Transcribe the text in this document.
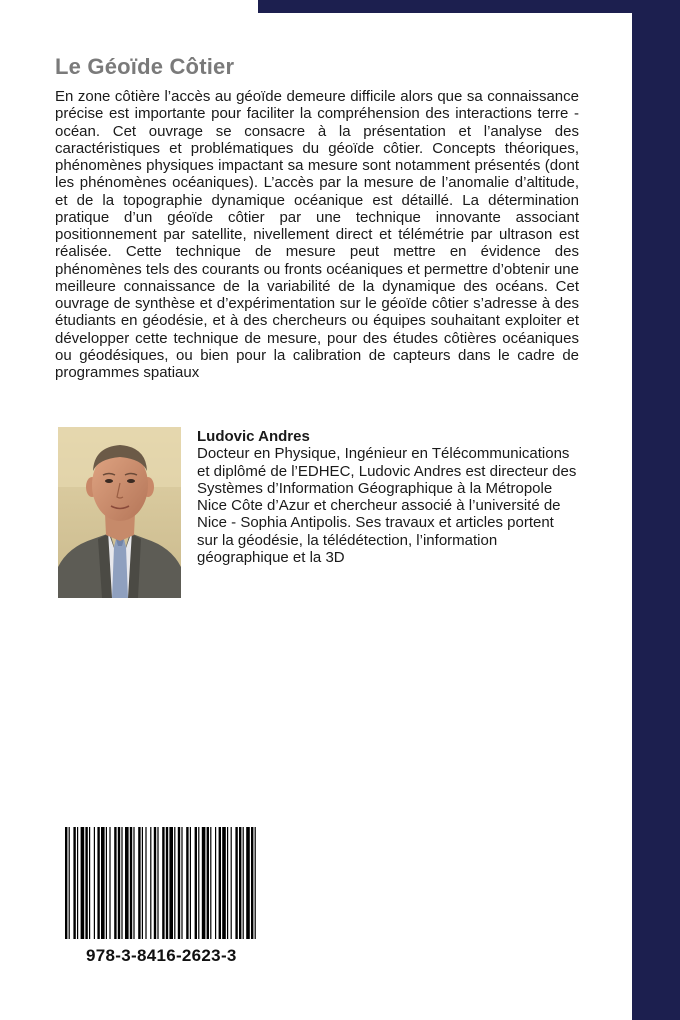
Le Géoïde Côtier

En zone côtière l’accès au géoïde demeure difficile alors que sa connaissance précise est importante pour faciliter la compréhension des interactions terre - océan. Cet ouvrage se consacre à la présentation et l’analyse des caractéristiques et problématiques du géoïde côtier. Concepts théoriques, phénomènes physiques impactant sa mesure sont notamment présentés (dont les phénomènes océaniques). L’accès par la mesure de l’anomalie d’altitude, et de la topographie dynamique océanique est détaillé. La détermination pratique d’un géoïde côtier par une technique innovante associant positionnement par satellite, nivellement direct et télémétrie par ultrason est réalisée. Cette technique de mesure peut mettre en évidence des phénomènes tels des courants ou fronts océaniques et permettre d’obtenir une meilleure connaissance de la variabilité de la dynamique des océans. Cet ouvrage de synthèse et d’expérimentation sur le géoïde côtier s’adresse à des étudiants en géodésie, et à des chercheurs ou équipes souhaitant exploiter et développer cette technique de mesure, pour des études côtières océaniques ou géodésiques, ou bien pour la calibration de capteurs dans le cadre de programmes spatiaux

Ludovic Andres
Docteur en Physique, Ingénieur en Télécommunications et diplômé de l’EDHEC, Ludovic Andres est directeur des Systèmes d’Information Géographique à la Métropole Nice Côte d’Azur et chercheur associé à l’université de Nice - Sophia Antipolis. Ses travaux et articles portent sur la géodésie, la télédétection, l’information géographique et la 3D
978-3-8416-2623-3
